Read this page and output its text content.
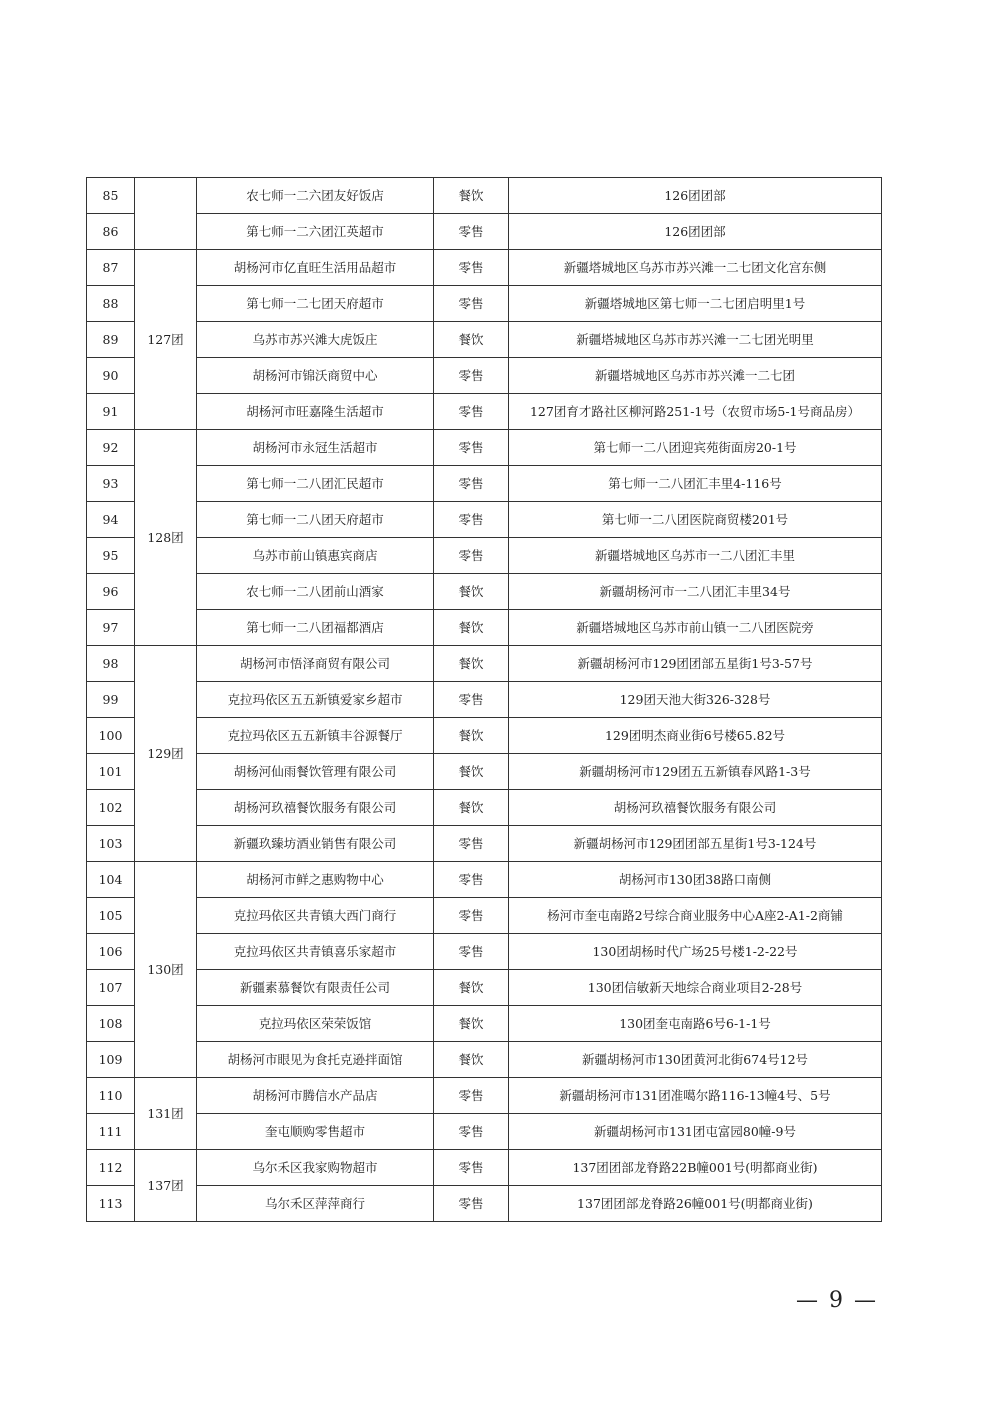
85		农七师一二六团友好饭店	餐饮	126团团部
86		第七师一二六团江英超市	零售	126团团部
87	127团	胡杨河市亿直旺生活用品超市	零售	新疆塔城地区乌苏市苏兴滩一二七团文化宫东侧
88		第七师一二七团天府超市	零售	新疆塔城地区第七师一二七团启明里1号
89		乌苏市苏兴滩大虎饭庄	餐饮	新疆塔城地区乌苏市苏兴滩一二七团光明里
90		胡杨河市锦沃商贸中心	零售	新疆塔城地区乌苏市苏兴滩一二七团
91		胡杨河市旺嘉隆生活超市	零售	127团育才路社区柳河路251-1号（农贸市场5-1号商品房）
92	128团	胡杨河市永冠生活超市	零售	第七师一二八团迎宾苑街面房20-1号
93		第七师一二八团汇民超市	零售	第七师一二八团汇丰里4-116号
94		第七师一二八团天府超市	零售	第七师一二八团医院商贸楼201号
95		乌苏市前山镇惠宾商店	零售	新疆塔城地区乌苏市一二八团汇丰里
96		农七师一二八团前山酒家	餐饮	新疆胡杨河市一二八团汇丰里34号
97		第七师一二八团福都酒店	餐饮	新疆塔城地区乌苏市前山镇一二八团医院旁
98	129团	胡杨河市悟泽商贸有限公司	餐饮	新疆胡杨河市129团团部五星街1号3-57号
99		克拉玛依区五五新镇爱家乡超市	零售	129团天池大街326-328号
100		克拉玛依区五五新镇丰谷源餐厅	餐饮	129团明杰商业街6号楼65.82号
101		胡杨河仙雨餐饮管理有限公司	餐饮	新疆胡杨河市129团五五新镇春风路1-3号
102		胡杨河玖禧餐饮服务有限公司	餐饮	胡杨河玖禧餐饮服务有限公司
103		新疆玖臻坊酒业销售有限公司	零售	新疆胡杨河市129团团部五星街1号3-124号
104	130团	胡杨河市鲜之惠购物中心	零售	胡杨河市130团38路口南侧
105		克拉玛依区共青镇大西门商行	零售	杨河市奎屯南路2号综合商业服务中心A座2-A1-2商铺
106		克拉玛依区共青镇喜乐家超市	零售	130团胡杨时代广场25号楼1-2-22号
107		新疆素慕餐饮有限责任公司	餐饮	130团信敏新天地综合商业项目2-28号
108		克拉玛依区荣荣饭馆	餐饮	130团奎屯南路6号6-1-1号
109		胡杨河市眼见为食托克逊拌面馆	餐饮	新疆胡杨河市130团黄河北街674号12号
110	131团	胡杨河市腾信水产品店	零售	新疆胡杨河市131团准噶尔路116-13幢4号、5号
111		奎屯顺购零售超市	零售	新疆胡杨河市131团屯富园80幢-9号
112	137团	乌尔禾区我家购物超市	零售	137团团部龙脊路22B幢001号(明都商业街)
113		乌尔禾区萍萍商行	零售	137团团部龙脊路26幢001号(明都商业街)
— 9 —
